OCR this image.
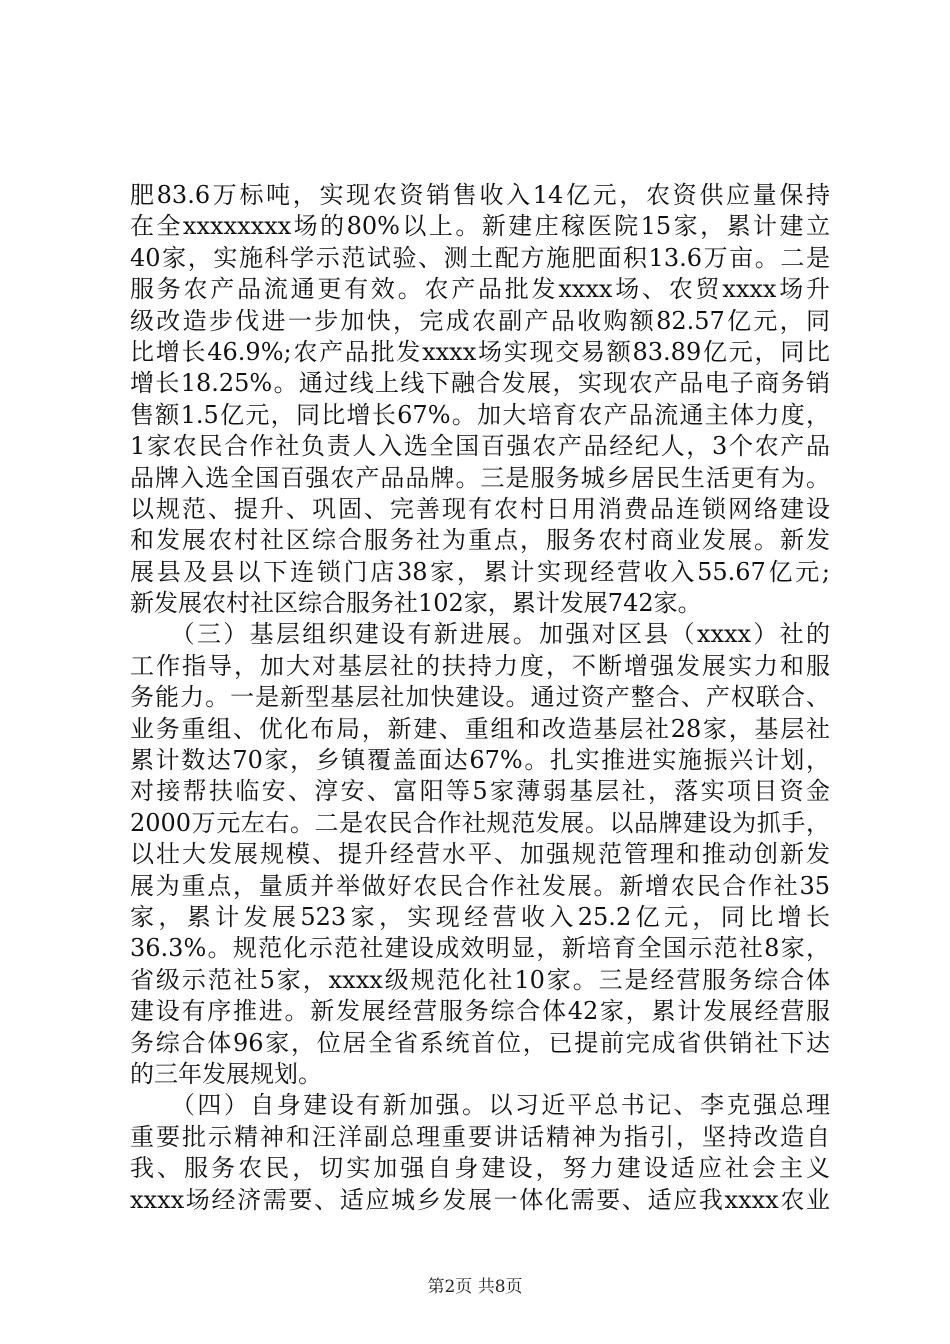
肥83.6万标吨，实现农资销售收入14亿元，农资供应量保持
在全xxxxxxxx场的80%以上。新建庄稼医院15家，累计建立
40家，实施科学示范试验、测土配方施肥面积13.6万亩。二是
服务农产品流通更有效。农产品批发xxxx场、农贸xxxx场升
级改造步伐进一步加快，完成农副产品收购额82.57亿元，同
比增长46.9%;农产品批发xxxx场实现交易额83.89亿元，同比
增长18.25%。通过线上线下融合发展，实现农产品电子商务销
售额1.5亿元，同比增长67%。加大培育农产品流通主体力度，
1家农民合作社负责人入选全国百强农产品经纪人，3个农产品
品牌入选全国百强农产品品牌。三是服务城乡居民生活更有为。
以规范、提升、巩固、完善现有农村日用消费品连锁网络建设
和发展农村社区综合服务社为重点，服务农村商业发展。新发
展县及县以下连锁门店38家，累计实现经营收入55.67亿元;
新发展农村社区综合服务社102家，累计发展742家。
　　（三）基层组织建设有新进展。加强对区县（xxxx）社的
工作指导，加大对基层社的扶持力度，不断增强发展实力和服
务能力。一是新型基层社加快建设。通过资产整合、产权联合、
业务重组、优化布局，新建、重组和改造基层社28家，基层社
累计数达70家，乡镇覆盖面达67%。扎实推进实施振兴计划，
对接帮扶临安、淳安、富阳等5家薄弱基层社，落实项目资金
2000万元左右。二是农民合作社规范发展。以品牌建设为抓手，
以壮大发展规模、提升经营水平、加强规范管理和推动创新发
展为重点，量质并举做好农民合作社发展。新增农民合作社35
家，累计发展523家，实现经营收入25.2亿元，同比增长
36.3%。规范化示范社建设成效明显，新培育全国示范社8家，
省级示范社5家，xxxx级规范化社10家。三是经营服务综合体
建设有序推进。新发展经营服务综合体42家，累计发展经营服
务综合体96家，位居全省系统首位，已提前完成省供销社下达
的三年发展规划。
　　（四）自身建设有新加强。以习近平总书记、李克强总理
重要批示精神和汪洋副总理重要讲话精神为指引，坚持改造自
我、服务农民，切实加强自身建设，努力建设适应社会主义
xxxx场经济需要、适应城乡发展一体化需要、适应我xxxx农业
第2页 共8页
